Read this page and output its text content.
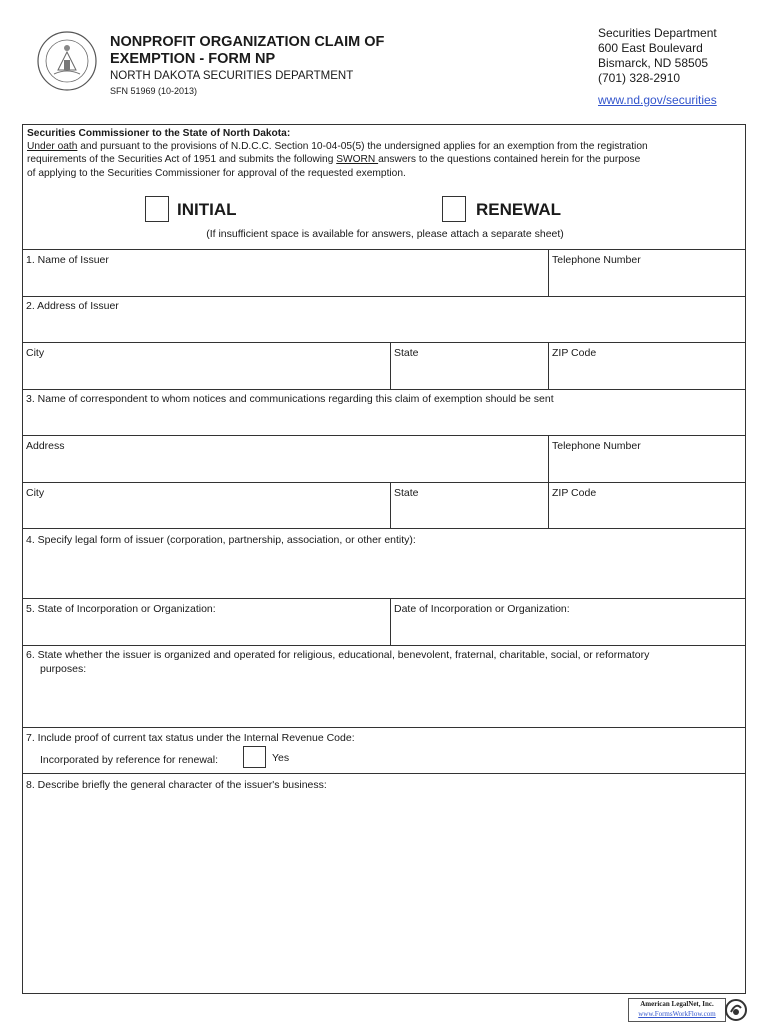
NONPROFIT ORGANIZATION CLAIM OF
EXEMPTION - FORM NP
NORTH DAKOTA SECURITIES DEPARTMENT
SFN 51969 (10-2013)
Securities Department
600 East Boulevard
Bismarck, ND 58505
(701) 328-2910
www.nd.gov/securities
Securities Commissioner to the State of North Dakota:
Under oath and pursuant to the provisions of N.D.C.C. Section 10-04-05(5) the undersigned applies for an exemption from the registration
requirements of the Securities Act of 1951 and submits the following SWORN answers to the questions contained herein for the purpose
of applying to the Securities Commissioner for approval of the requested exemption.
INITIAL	RENEWAL
(If insufficient space is available for answers, please attach a separate sheet)
1. Name of Issuer	Telephone Number
2. Address of Issuer
City	State	ZIP Code
3. Name of correspondent to whom notices and communications regarding this claim of exemption should be sent
Address	Telephone Number
City	State	ZIP Code
4. Specify legal form of issuer (corporation, partnership, association, or other entity):
5. State of Incorporation or Organization:	Date of Incorporation or Organization:
6. State whether the issuer is organized and operated for religious, educational, benevolent, fraternal, charitable, social, or reformatory
purposes:
7. Include proof of current tax status under the Internal Revenue Code:
Incorporated by reference for renewal:	Yes
8. Describe briefly the general character of the issuer's business:
American LegalNet, Inc.
www.FormsWorkFlow.com
